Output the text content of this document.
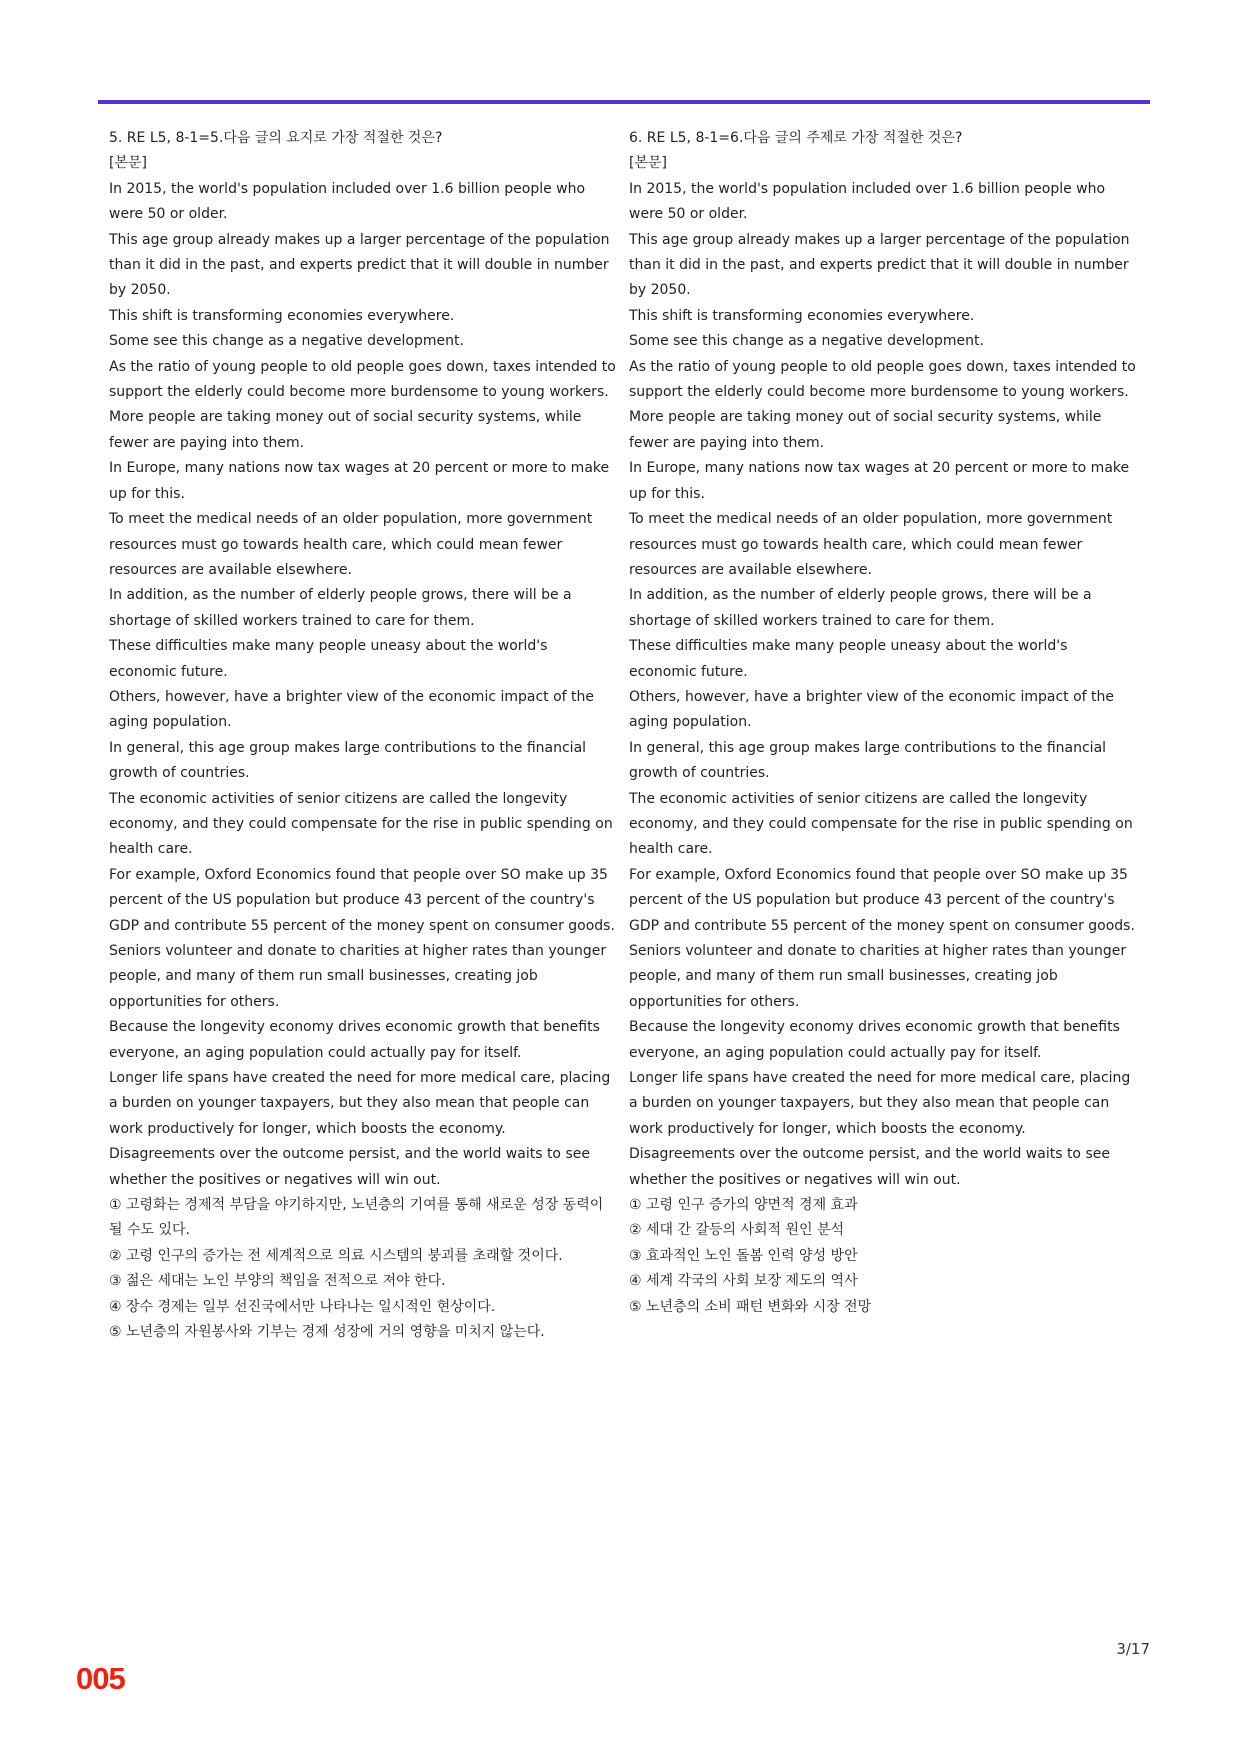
5. RE L5, 8-1=5.다음 글의 요지로 가장 적절한 것은?

[본문]

In 2015, the world's population included over 1.6 billion people who were 50 or older.

This age group already makes up a larger percentage of the population than it did in the past, and experts predict that it will double in number by 2050.

This shift is transforming economies everywhere.

Some see this change as a negative development.

As the ratio of young people to old people goes down, taxes intended to support the elderly could become more burdensome to young workers.

More people are taking money out of social security systems, while fewer are paying into them.

In Europe, many nations now tax wages at 20 percent or more to make up for this.

To meet the medical needs of an older population, more government resources must go towards health care, which could mean fewer resources are available elsewhere.

In addition, as the number of elderly people grows, there will be a shortage of skilled workers trained to care for them.

These difficulties make many people uneasy about the world's economic future.

Others, however, have a brighter view of the economic impact of the aging population.

In general, this age group makes large contributions to the financial growth of countries.

The economic activities of senior citizens are called the longevity economy, and they could compensate for the rise in public spending on health care.

For example, Oxford Economics found that people over SO make up 35 percent of the US population but produce 43 percent of the country's GDP and contribute 55 percent of the money spent on consumer goods.

Seniors volunteer and donate to charities at higher rates than younger people, and many of them run small businesses, creating job opportunities for others.

Because the longevity economy drives economic growth that benefits everyone, an aging population could actually pay for itself.

Longer life spans have created the need for more medical care, placing a burden on younger taxpayers, but they also mean that people can work productively for longer, which boosts the economy.

Disagreements over the outcome persist, and the world waits to see whether the positives or negatives will win out.

① 고령화는 경제적 부담을 야기하지만, 노년층의 기여를 통해 새로운 성장 동력이 될 수도 있다.

② 고령 인구의 증가는 전 세계적으로 의료 시스템의 붕괴를 초래할 것이다.

③ 젊은 세대는 노인 부양의 책임을 전적으로 져야 한다.

④ 장수 경제는 일부 선진국에서만 나타나는 일시적인 현상이다.

⑤ 노년층의 자원봉사와 기부는 경제 성장에 거의 영향을 미치지 않는다.

6. RE L5, 8-1=6.다음 글의 주제로 가장 적절한 것은?

[본문]

In 2015, the world's population included over 1.6 billion people who were 50 or older.

This age group already makes up a larger percentage of the population than it did in the past, and experts predict that it will double in number by 2050.

This shift is transforming economies everywhere.

Some see this change as a negative development.

As the ratio of young people to old people goes down, taxes intended to support the elderly could become more burdensome to young workers.

More people are taking money out of social security systems, while fewer are paying into them.

In Europe, many nations now tax wages at 20 percent or more to make up for this.

To meet the medical needs of an older population, more government resources must go towards health care, which could mean fewer resources are available elsewhere.

In addition, as the number of elderly people grows, there will be a shortage of skilled workers trained to care for them.

These difficulties make many people uneasy about the world's economic future.

Others, however, have a brighter view of the economic impact of the aging population.

In general, this age group makes large contributions to the financial growth of countries.

The economic activities of senior citizens are called the longevity economy, and they could compensate for the rise in public spending on health care.

For example, Oxford Economics found that people over SO make up 35 percent of the US population but produce 43 percent of the country's GDP and contribute 55 percent of the money spent on consumer goods.

Seniors volunteer and donate to charities at higher rates than younger people, and many of them run small businesses, creating job opportunities for others.

Because the longevity economy drives economic growth that benefits everyone, an aging population could actually pay for itself.

Longer life spans have created the need for more medical care, placing a burden on younger taxpayers, but they also mean that people can work productively for longer, which boosts the economy.

Disagreements over the outcome persist, and the world waits to see whether the positives or negatives will win out.

① 고령 인구 증가의 양면적 경제 효과

② 세대 간 갈등의 사회적 원인 분석

③ 효과적인 노인 돌봄 인력 양성 방안

④ 세계 각국의 사회 보장 제도의 역사

⑤ 노년층의 소비 패턴 변화와 시장 전망

3/17
005
